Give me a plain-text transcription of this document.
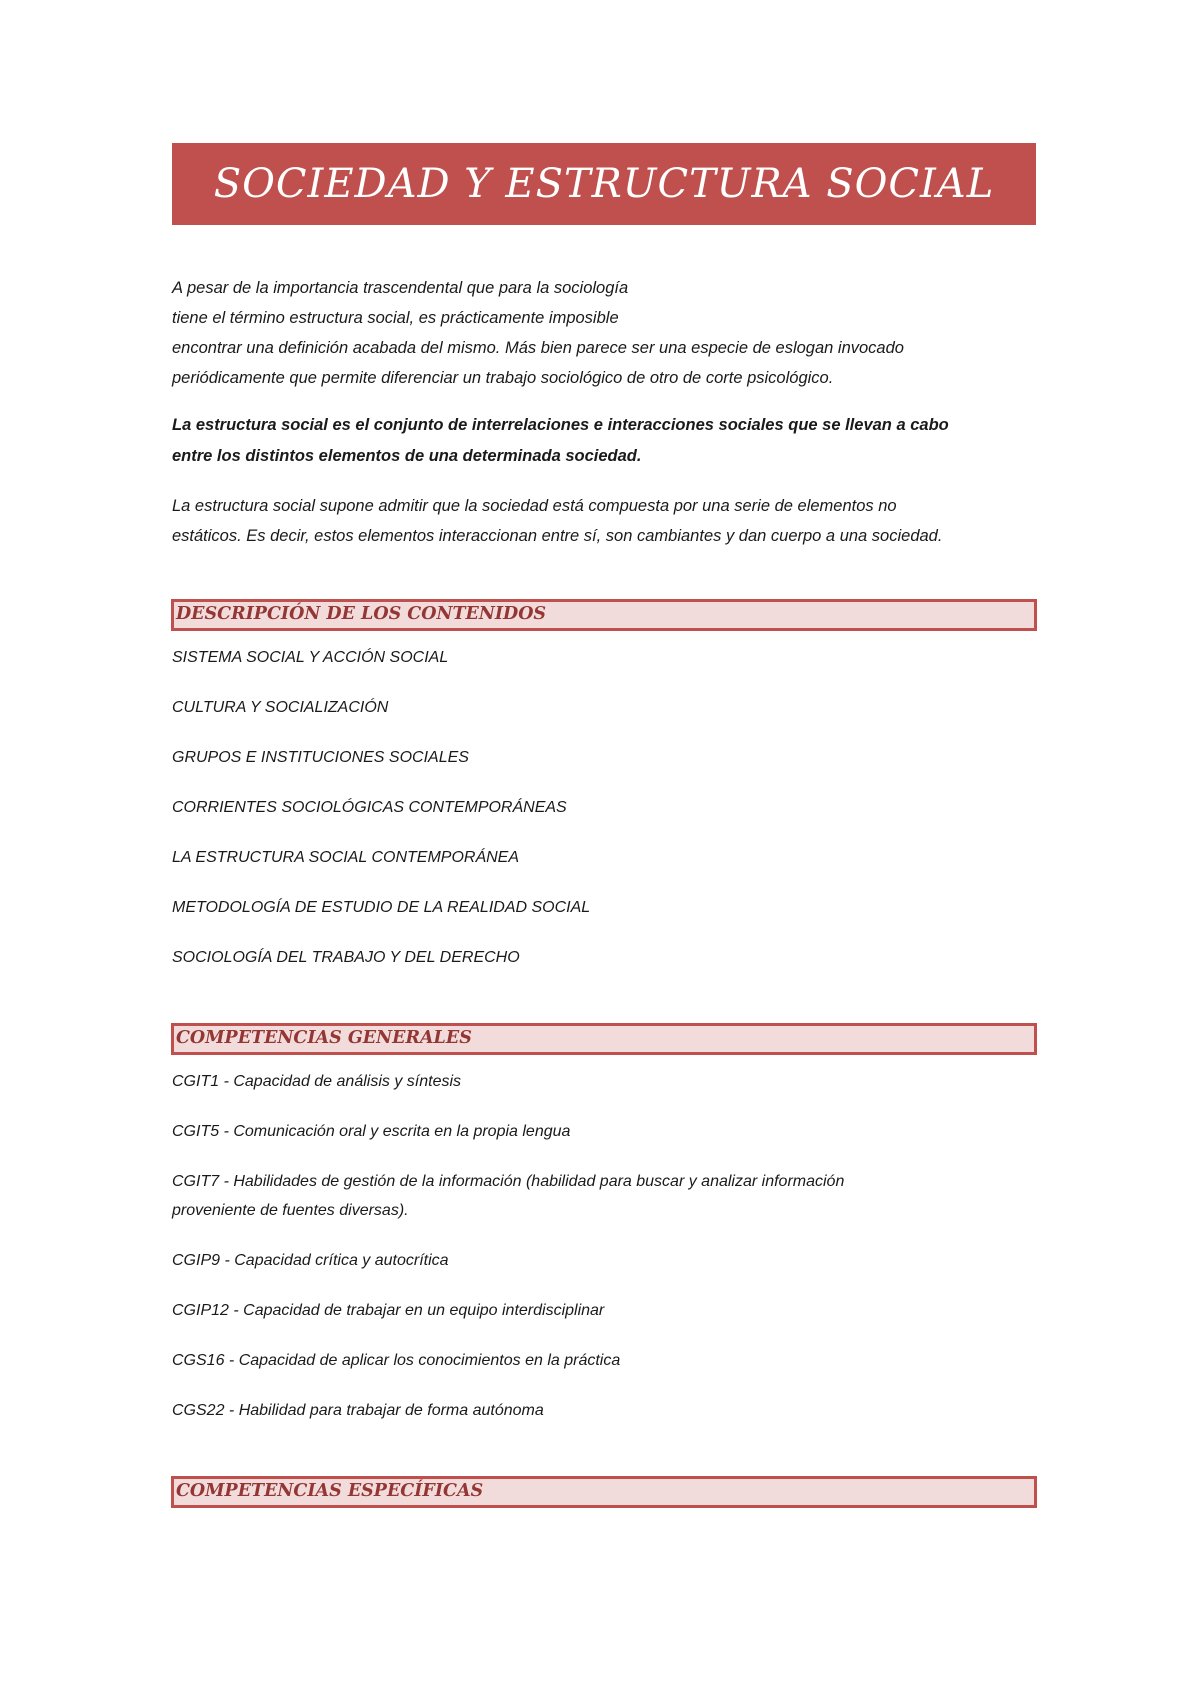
SOCIEDAD Y ESTRUCTURA SOCIAL
A pesar de la importancia trascendental que para la sociología
tiene el término estructura social, es prácticamente imposible
encontrar una definición acabada del mismo. Más bien parece ser una especie de eslogan invocado
periódicamente que permite diferenciar un trabajo sociológico de otro de corte psicológico.
La estructura social es el conjunto de interrelaciones e interacciones sociales que se llevan a cabo
entre los distintos elementos de una determinada sociedad.
La estructura social supone admitir que la sociedad está compuesta por una serie de elementos no
estáticos. Es decir, estos elementos interaccionan entre sí, son cambiantes y dan cuerpo a una sociedad.
DESCRIPCIÓN DE LOS CONTENIDOS
SISTEMA SOCIAL Y ACCIÓN SOCIAL
CULTURA Y SOCIALIZACIÓN
GRUPOS E INSTITUCIONES SOCIALES
CORRIENTES SOCIOLÓGICAS CONTEMPORÁNEAS
LA ESTRUCTURA SOCIAL CONTEMPORÁNEA
METODOLOGÍA DE ESTUDIO DE LA REALIDAD SOCIAL
SOCIOLOGÍA DEL TRABAJO Y DEL DERECHO
COMPETENCIAS GENERALES
CGIT1 - Capacidad de análisis y síntesis
CGIT5 - Comunicación oral y escrita en la propia lengua
CGIT7 - Habilidades de gestión de la información (habilidad para buscar y analizar información
proveniente de fuentes diversas).
CGIP9 - Capacidad crítica y autocrítica
CGIP12 - Capacidad de trabajar en un equipo interdisciplinar
CGS16 - Capacidad de aplicar los conocimientos en la práctica
CGS22 - Habilidad para trabajar de forma autónoma
COMPETENCIAS ESPECÍFICAS
